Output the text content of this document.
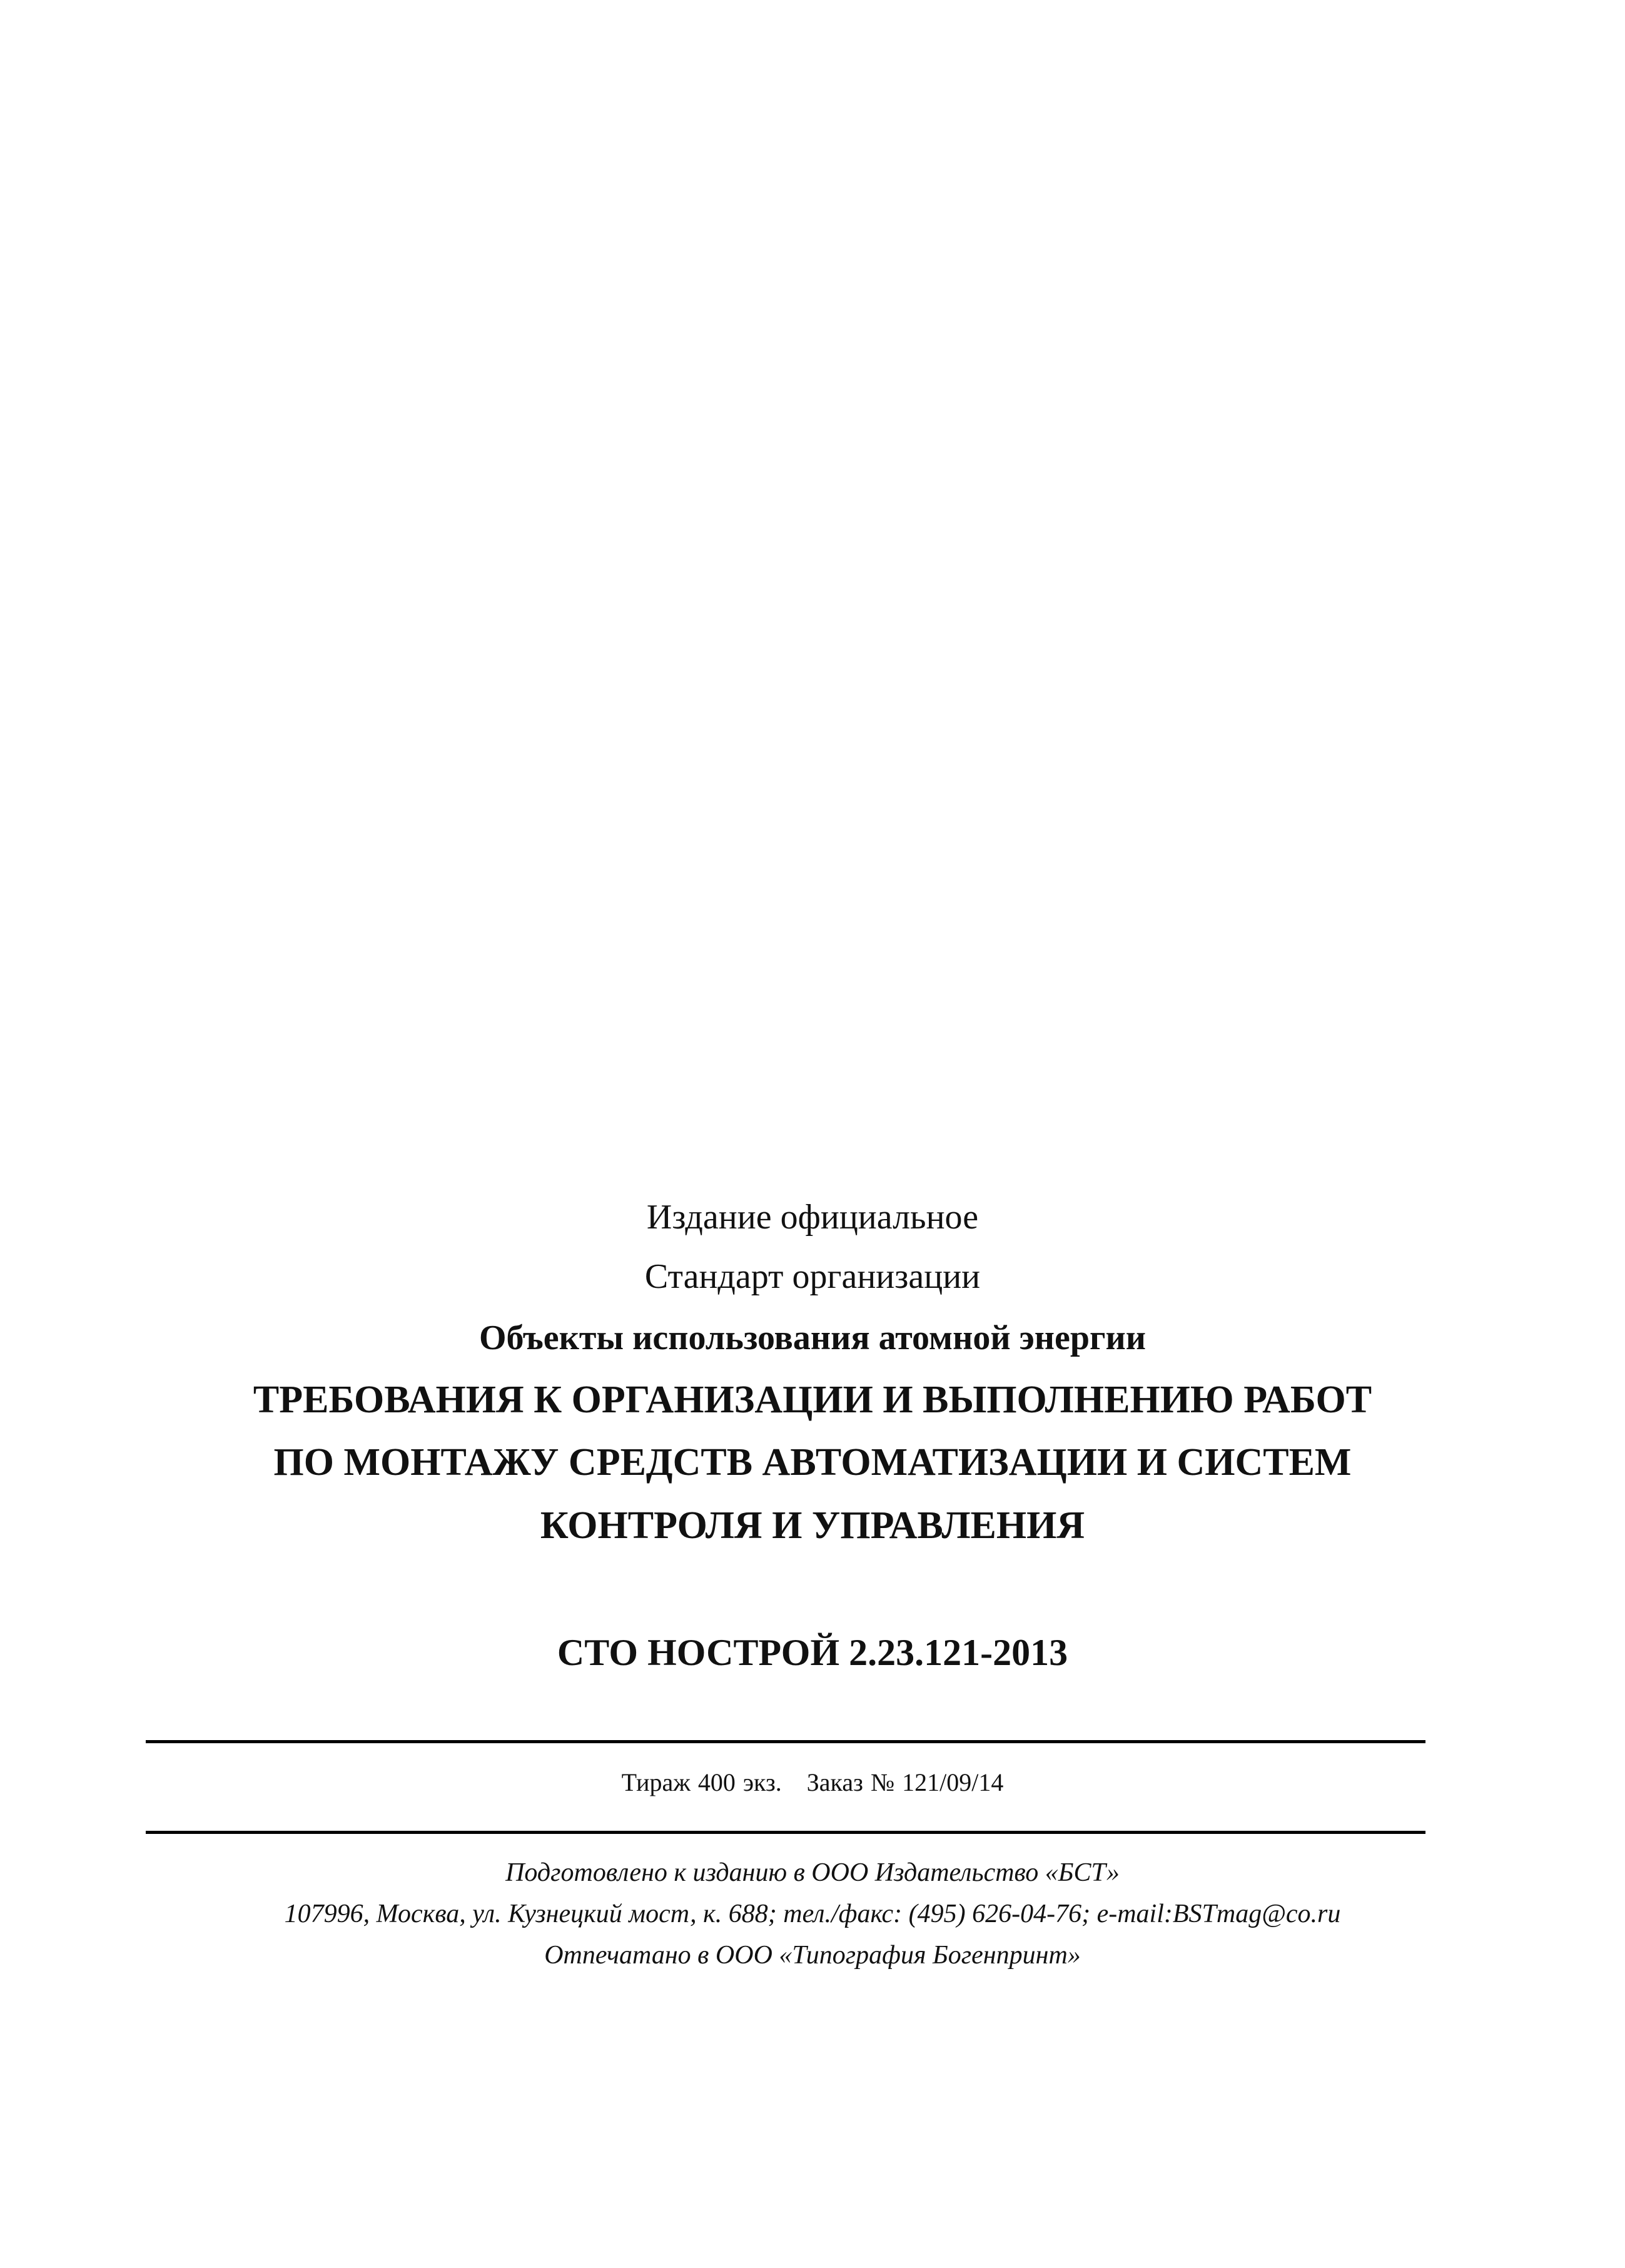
Издание официальное
Стандарт организации
Объекты использования атомной энергии
ТРЕБОВАНИЯ К ОРГАНИЗАЦИИ И ВЫПОЛНЕНИЮ РАБОТ
ПО МОНТАЖУ СРЕДСТВ АВТОМАТИЗАЦИИ И СИСТЕМ
КОНТРОЛЯ И УПРАВЛЕНИЯ
СТО НОСТРОЙ 2.23.121-2013
Тираж 400 экз. Заказ № 121/09/14
Подготовлено к изданию в ООО Издательство «БСТ»
107996, Москва, ул. Кузнецкий мост, к. 688; тел./факс: (495) 626-04-76; e-mail:BSTmag@co.ru
Отпечатано в ООО «Типография Богенпринт»
